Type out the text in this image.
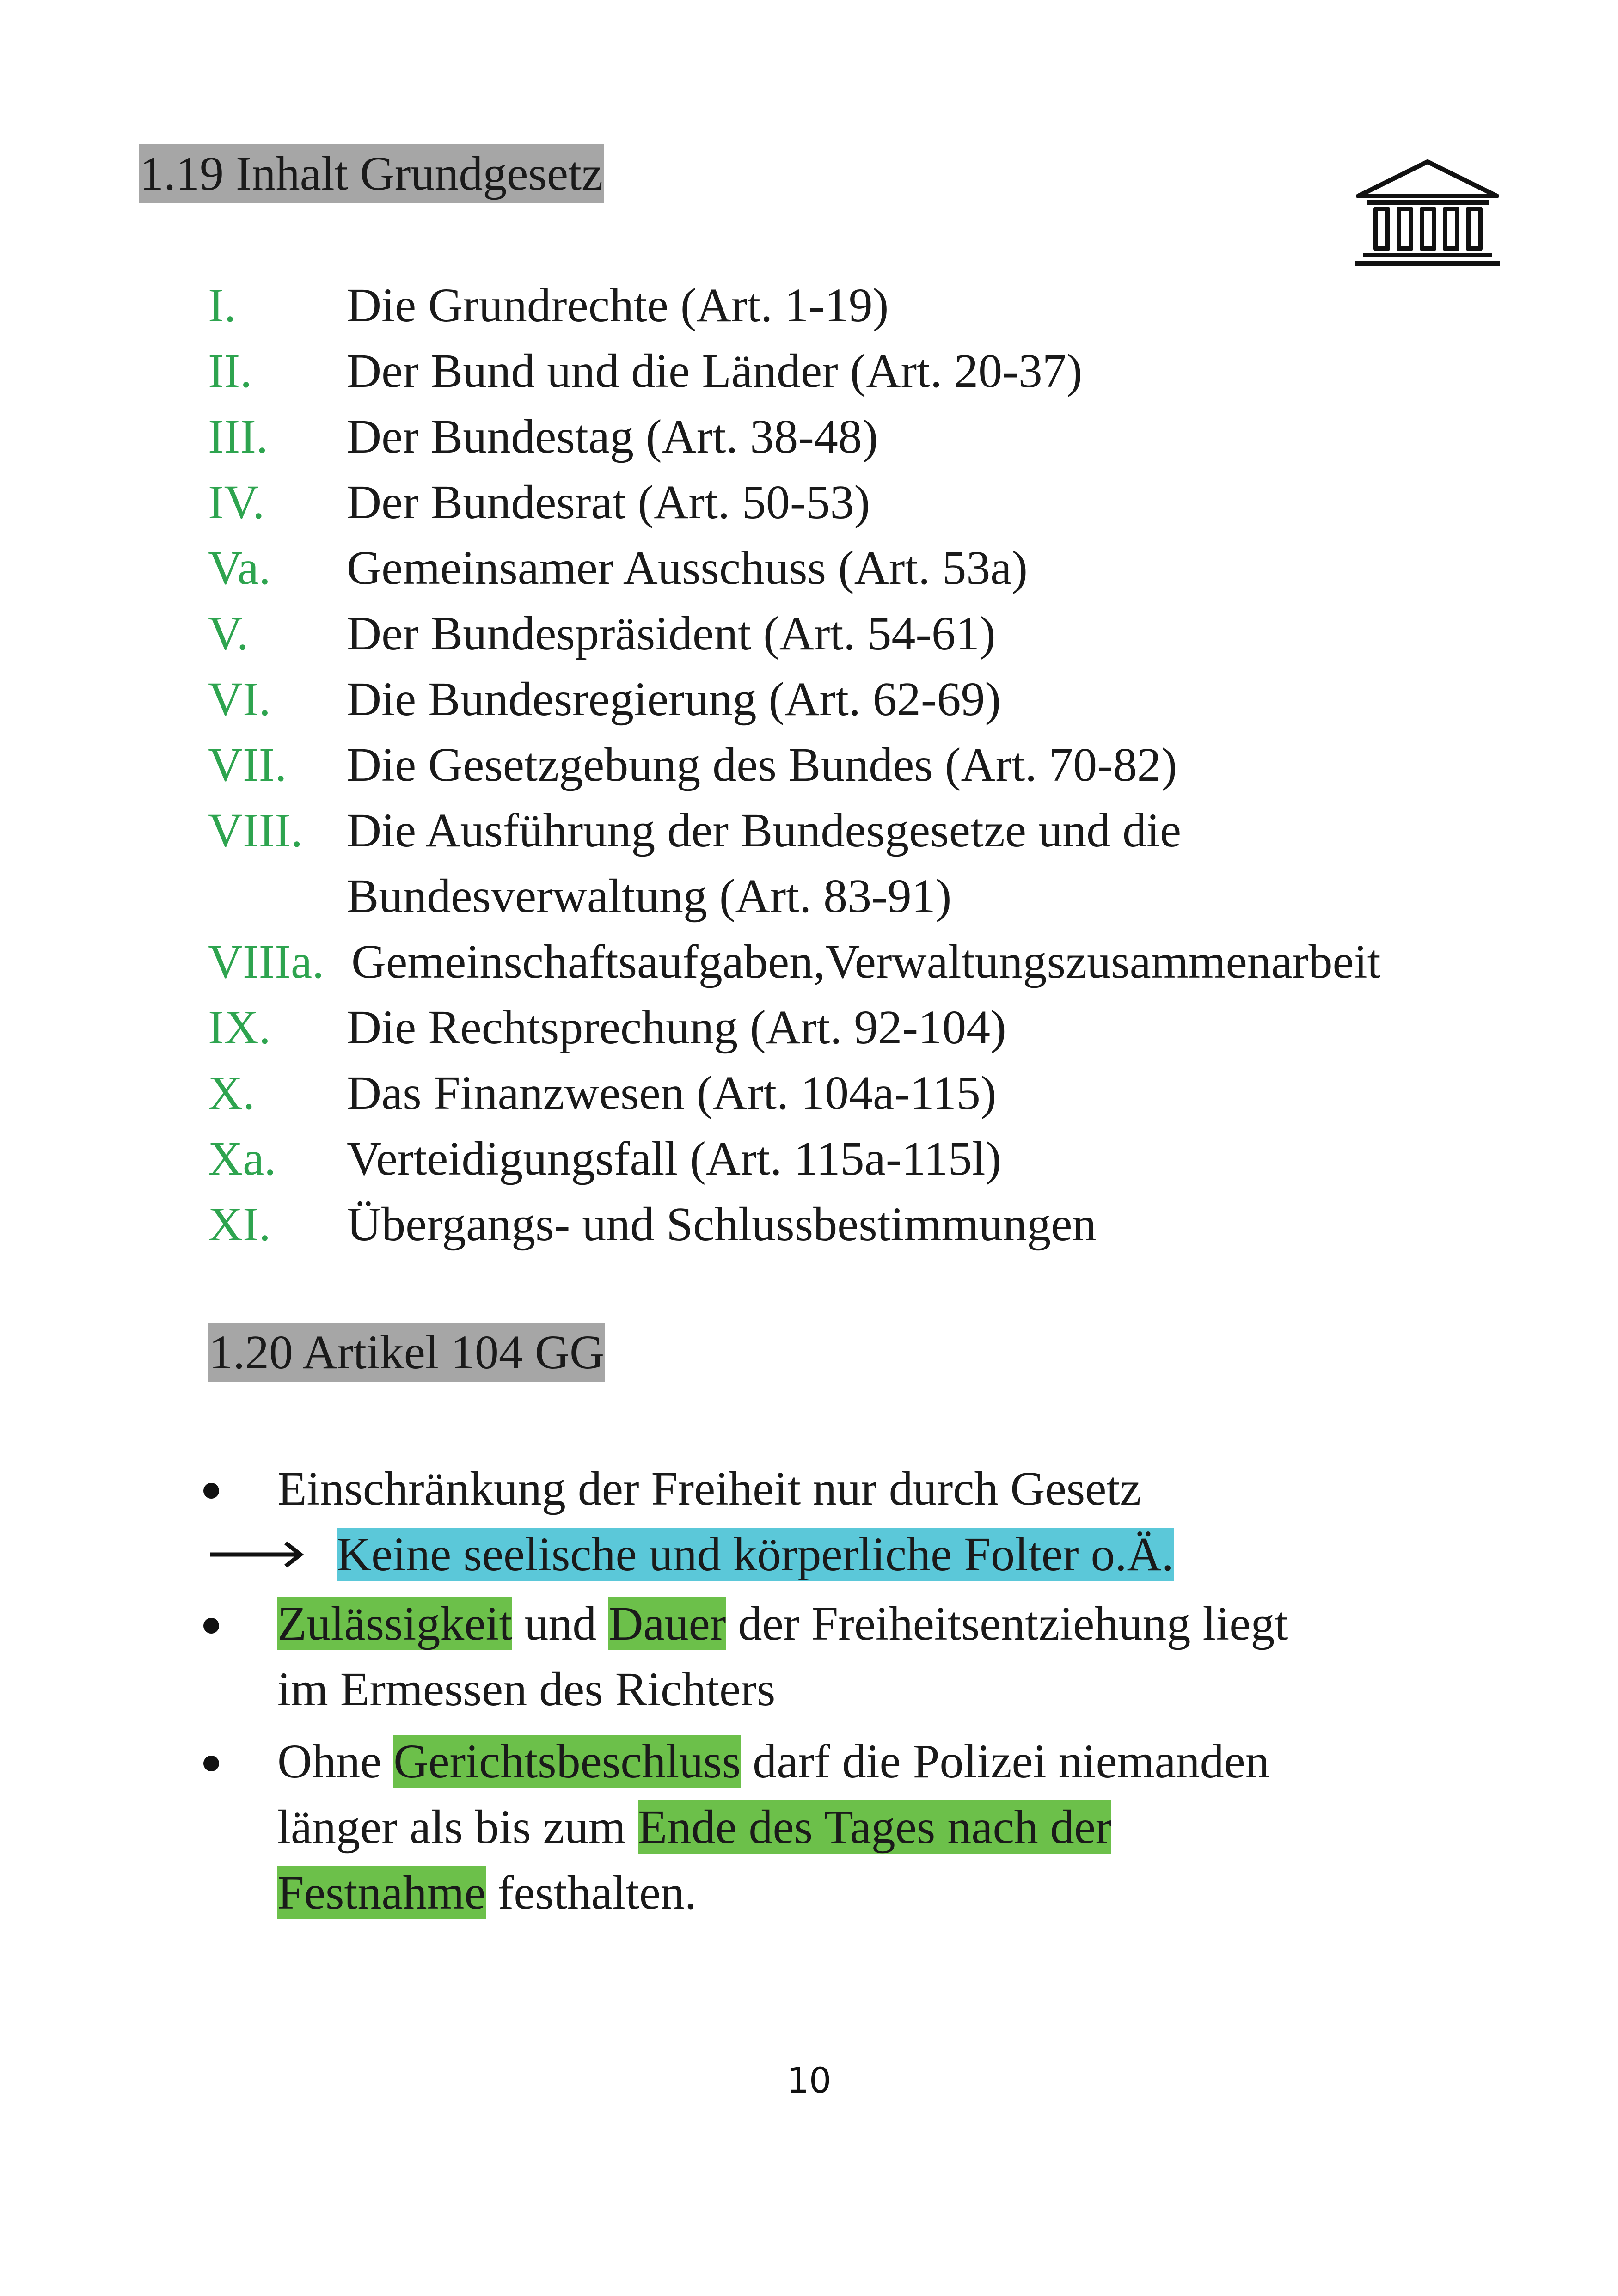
1.19 Inhalt Grundgesetz
I.	Die Grundrechte (Art. 1-19)
II.	Der Bund und die Länder (Art. 20-37)
III.	Der Bundestag (Art. 38-48)
IV.	Der Bundesrat (Art. 50-53)
Va.	Gemeinsamer Ausschuss (Art. 53a)
V.	Der Bundespräsident (Art. 54-61)
VI.	Die Bundesregierung (Art. 62-69)
VII.	Die Gesetzgebung des Bundes (Art. 70-82)
VIII. Die Ausführung der Bundesgesetze und die
Bundesverwaltung (Art. 83-91)
VIIIa. Gemeinschaftsaufgaben,Verwaltungszusammenarbeit
IX.	Die Rechtsprechung (Art. 92-104)
X.	Das Finanzwesen (Art. 104a-115)
Xa.	Verteidigungsfall (Art. 115a-115l)
XI.	Übergangs- und Schlussbestimmungen
1.20 Artikel 104 GG
Einschränkung der Freiheit nur durch Gesetz
Keine seelische und körperliche Folter o.Ä.
Zulässigkeit und Dauer der Freiheitsentziehung liegt
im Ermessen des Richters
Ohne Gerichtsbeschluss darf die Polizei niemanden
länger als bis zum Ende des Tages nach der
Festnahme festhalten.
10
